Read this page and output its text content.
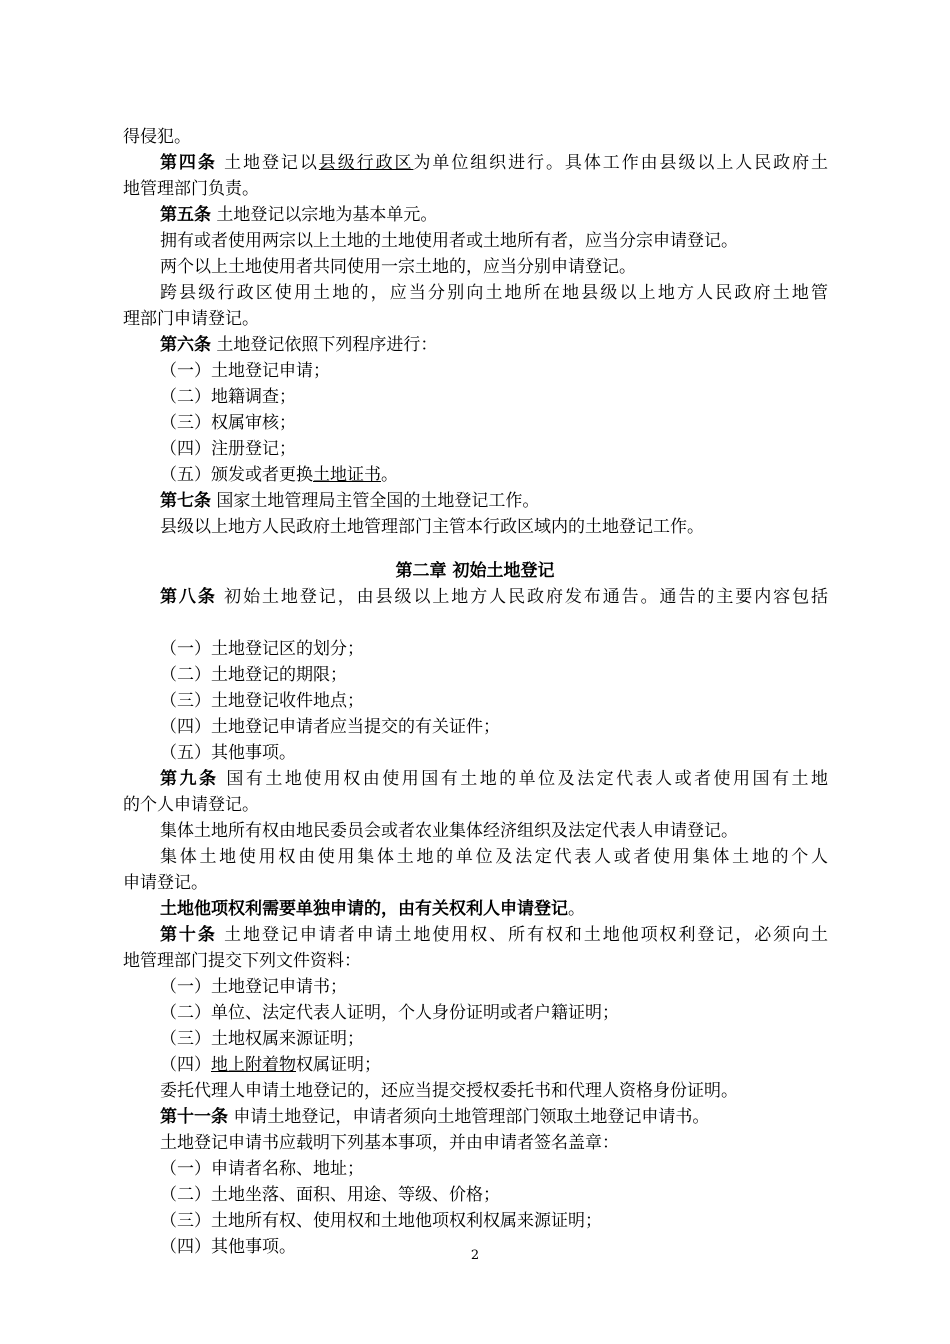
得侵犯。
第四条 土地登记以县级行政区为单位组织进行。具体工作由县级以上人民政府土
地管理部门负责。
第五条 土地登记以宗地为基本单元。
拥有或者使用两宗以上土地的土地使用者或土地所有者，应当分宗申请登记。
两个以上土地使用者共同使用一宗土地的，应当分别申请登记。
跨县级行政区使用土地的，应当分别向土地所在地县级以上地方人民政府土地管
理部门申请登记。
第六条 土地登记依照下列程序进行：
（一）土地登记申请；
（二）地籍调查；
（三）权属审核；
（四）注册登记；
（五）颁发或者更换土地证书。
第七条 国家土地管理局主管全国的土地登记工作。
县级以上地方人民政府土地管理部门主管本行政区域内的土地登记工作。
第二章 初始土地登记
第八条 初始土地登记，由县级以上地方人民政府发布通告。通告的主要内容包括
（一）土地登记区的划分；
（二）土地登记的期限；
（三）土地登记收件地点；
（四）土地登记申请者应当提交的有关证件；
（五）其他事项。
第九条 国有土地使用权由使用国有土地的单位及法定代表人或者使用国有土地
的个人申请登记。
集体土地所有权由地民委员会或者农业集体经济组织及法定代表人申请登记。
集体土地使用权由使用集体土地的单位及法定代表人或者使用集体土地的个人
申请登记。
土地他项权利需要单独申请的，由有关权利人申请登记。
第十条 土地登记申请者申请土地使用权、所有权和土地他项权利登记，必须向土
地管理部门提交下列文件资料：
（一）土地登记申请书；
（二）单位、法定代表人证明，个人身份证明或者户籍证明；
（三）土地权属来源证明；
（四）地上附着物权属证明；
委托代理人申请土地登记的，还应当提交授权委托书和代理人资格身份证明。
第十一条 申请土地登记，申请者须向土地管理部门领取土地登记申请书。
土地登记申请书应载明下列基本事项，并由申请者签名盖章：
（一）申请者名称、地址；
（二）土地坐落、面积、用途、等级、价格；
（三）土地所有权、使用权和土地他项权利权属来源证明；
（四）其他事项。	2
